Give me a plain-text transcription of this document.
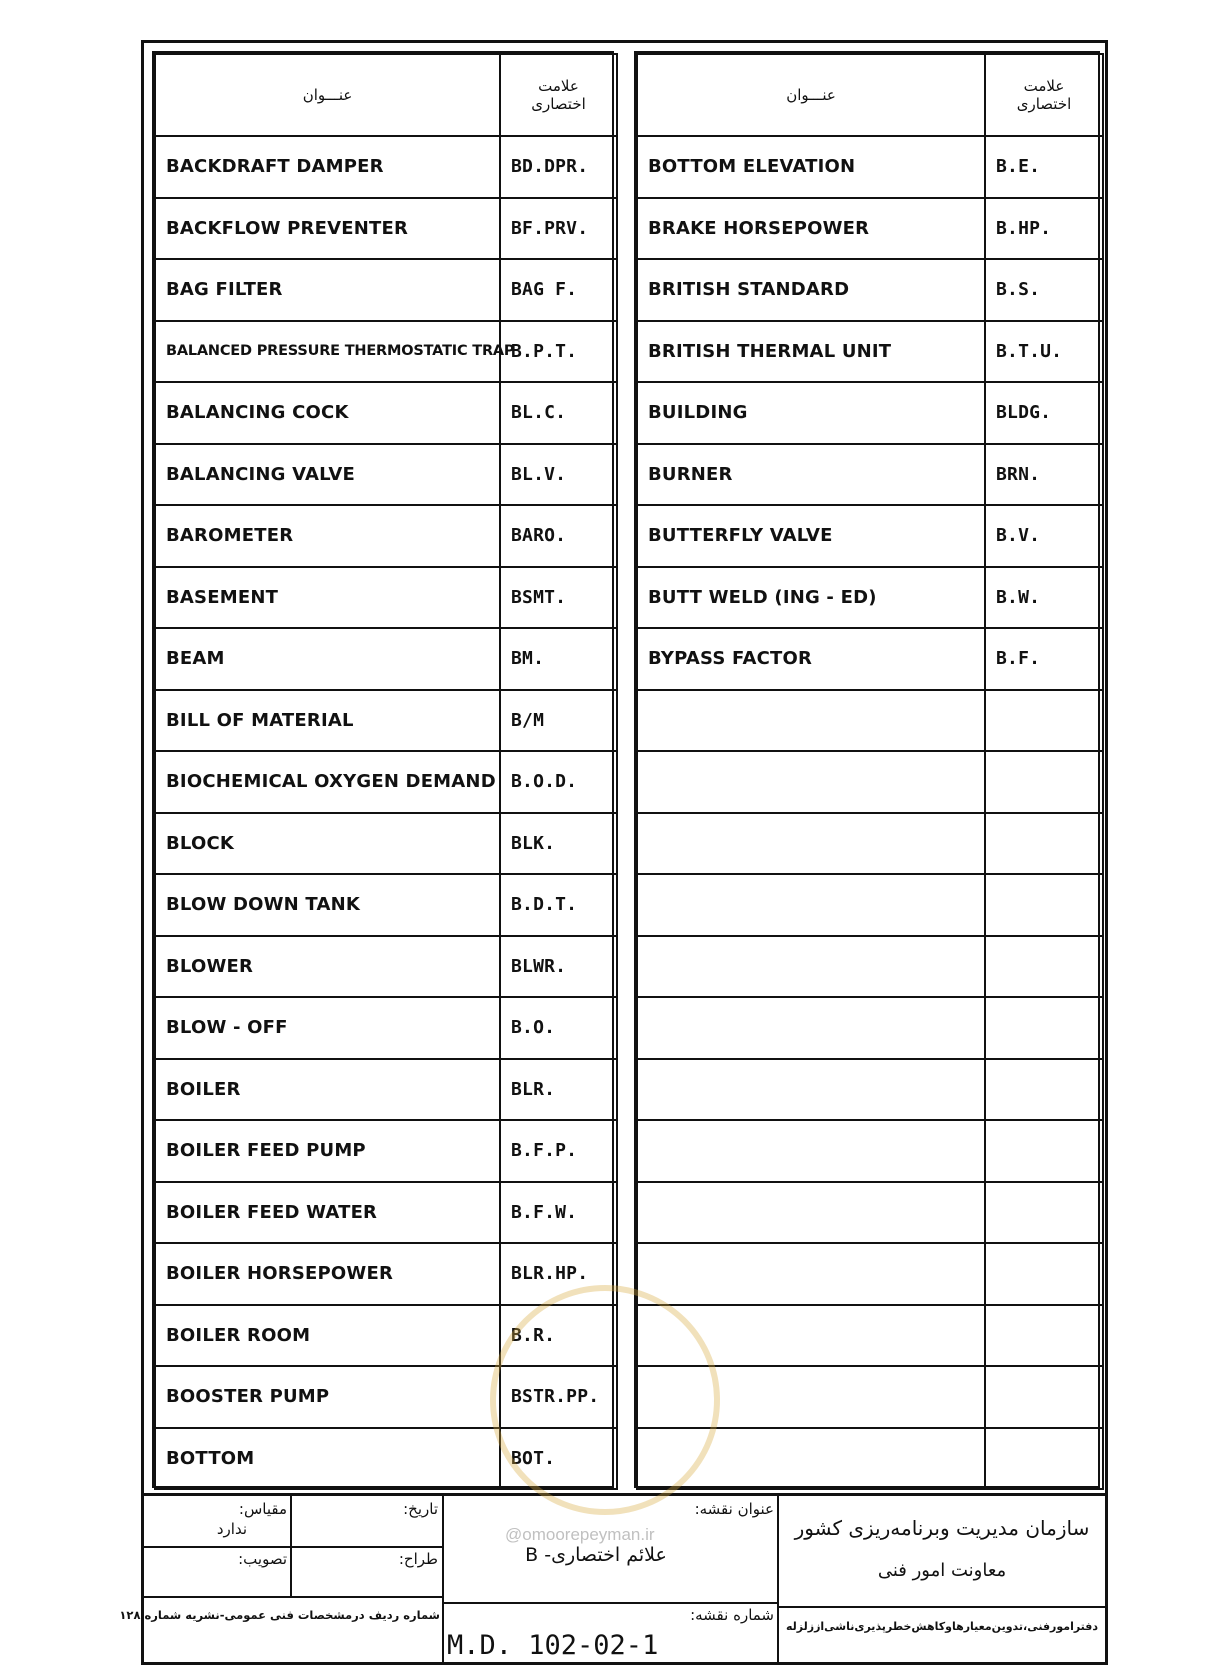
عنـــوان	علامت اختصاری
BACKDRAFT DAMPER	BD.DPR.
BACKFLOW PREVENTER	BF.PRV.
BAG FILTER	BAG F.
BALANCED PRESSURE THERMOSTATIC TRAP	B.P.T.
BALANCING COCK	BL.C.
BALANCING VALVE	BL.V.
BAROMETER	BARO.
BASEMENT	BSMT.
BEAM	BM.
BILL OF MATERIAL	B/M
BIOCHEMICAL OXYGEN DEMAND	B.O.D.
BLOCK	BLK.
BLOW DOWN TANK	B.D.T.
BLOWER	BLWR.
BLOW - OFF	B.O.
BOILER	BLR.
BOILER FEED PUMP	B.F.P.
BOILER FEED WATER	B.F.W.
BOILER HORSEPOWER	BLR.HP.
BOILER ROOM	B.R.
BOOSTER PUMP	BSTR.PP.
BOTTOM	BOT.
عنـــوان	علامت اختصاری
BOTTOM ELEVATION	B.E.
BRAKE HORSEPOWER	B.HP.
BRITISH STANDARD	B.S.
BRITISH THERMAL UNIT	B.T.U.
BUILDING	BLDG.
BURNER	BRN.
BUTTERFLY VALVE	B.V.
BUTT WELD (ING - ED)	B.W.
BYPASS FACTOR	B.F.

مقیاس:
ندارد
تاریخ:
تصویب:	طراح:
شماره ردیف درمشخصات فنی عمومی-نشریه شماره ۱۲۸
عنوان نقشه:
علائم اختصاری- B
شماره نقشه:
M.D. 102-02-1
سازمان مدیریت وبرنامه‌ریزی کشور
معاونت امور فنی
دفترامورفنی،تدوین‌معیارهاوکاهش‌خطرپذیری‌ناشی‌اززلزله
@omoorepeyman.ir
